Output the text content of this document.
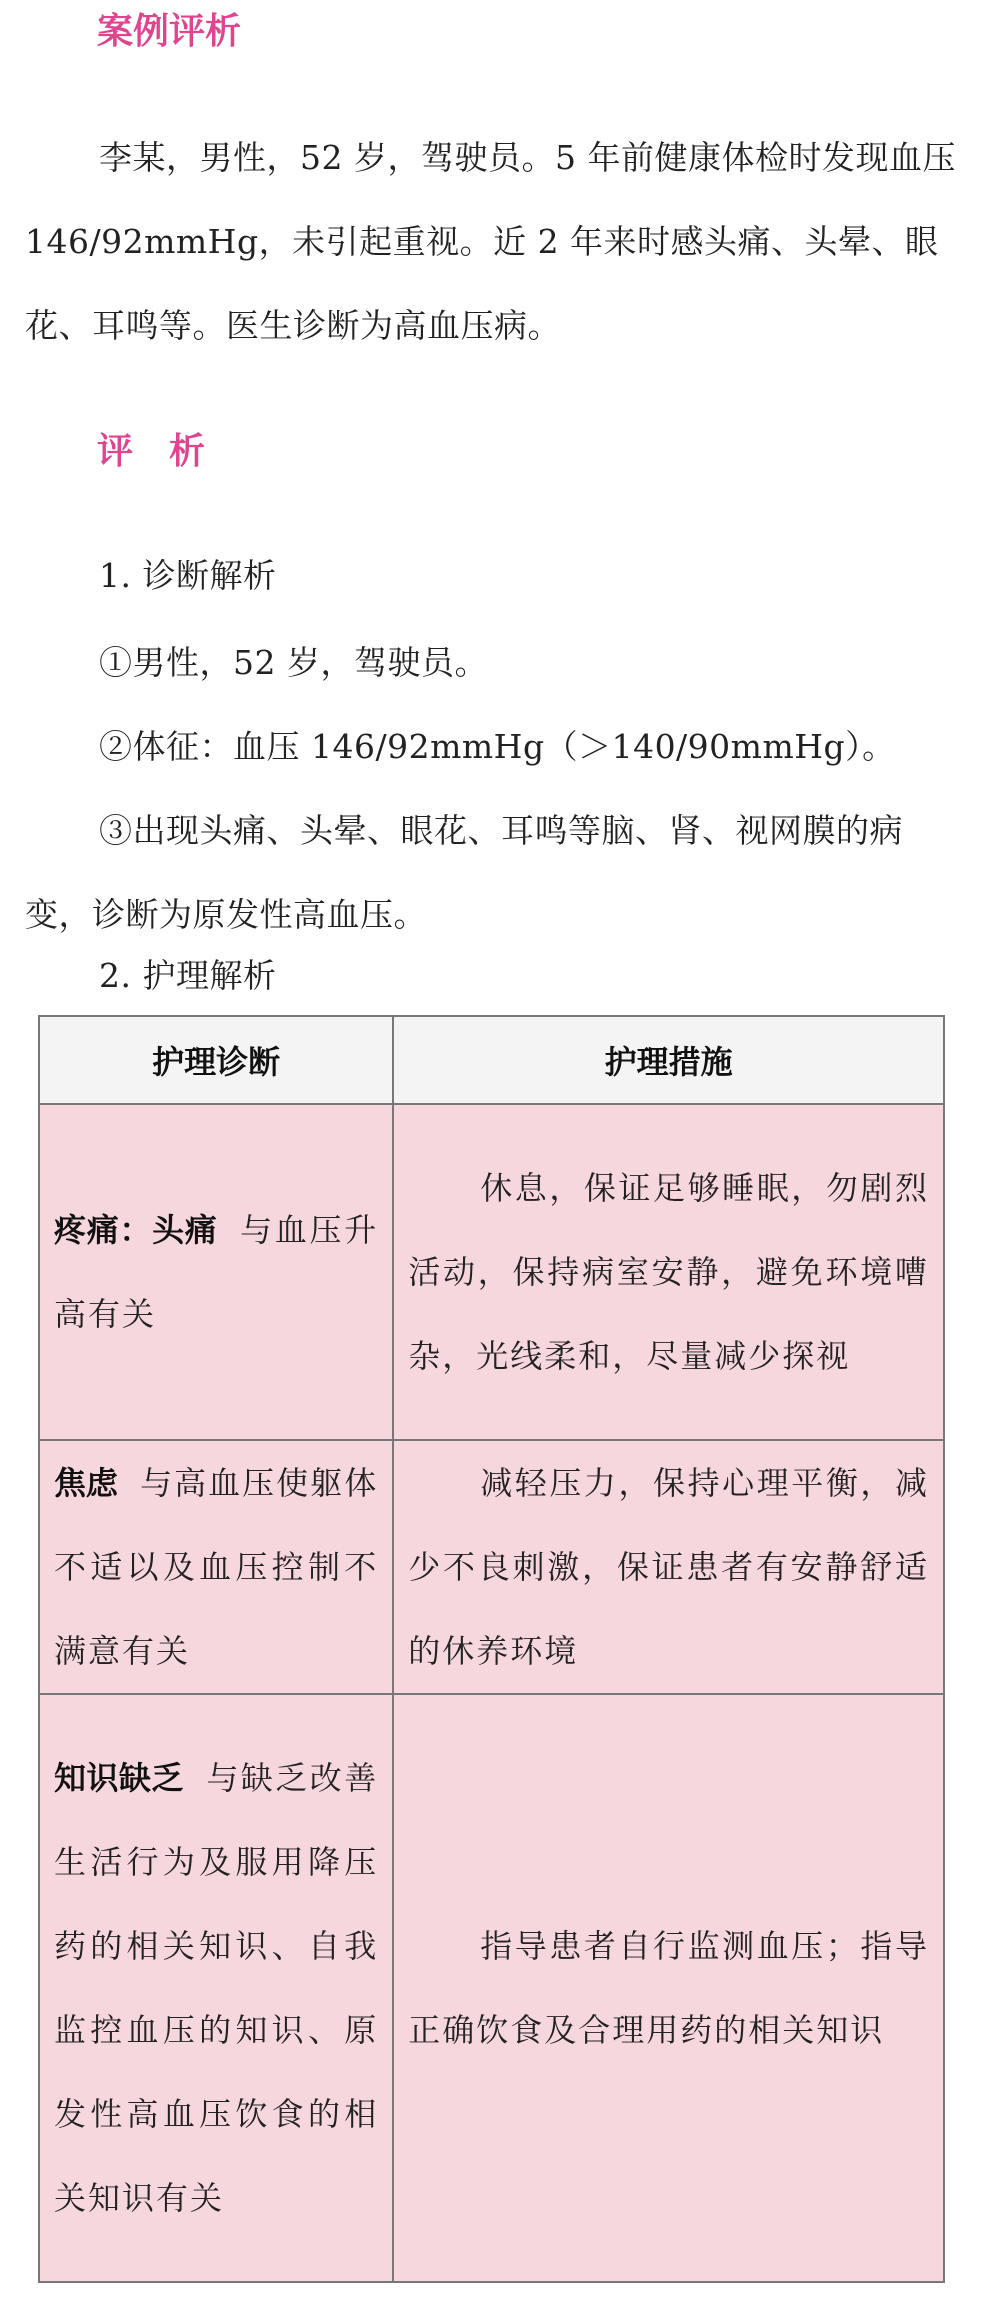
案例评析

李某，男性，52 岁，驾驶员。5 年前健康体检时发现血压 146/92mmHg，未引起重视。近 2 年来时感头痛、头晕、眼花、耳鸣等。医生诊断为高血压病。

评　析
1. 诊断解析
①男性，52 岁，驾驶员。
②体征：血压 146/92mmHg（＞140/90mmHg）。

③出现头痛、头晕、眼花、耳鸣等脑、肾、视网膜的病变，诊断为原发性高血压。

2. 护理解析
护理诊断	护理措施
疼痛：头痛 与血压升高有关	休息，保证足够睡眠，勿剧烈活动，保持病室安静，避免环境嘈杂，光线柔和，尽量减少探视
焦虑 与高血压使躯体不适以及血压控制不满意有关	减轻压力，保持心理平衡，减少不良刺激，保证患者有安静舒适的休养环境
知识缺乏 与缺乏改善生活行为及服用降压药的相关知识、自我监控血压的知识、原发性高血压饮食的相关知识有关	指导患者自行监测血压；指导正确饮食及合理用药的相关知识
